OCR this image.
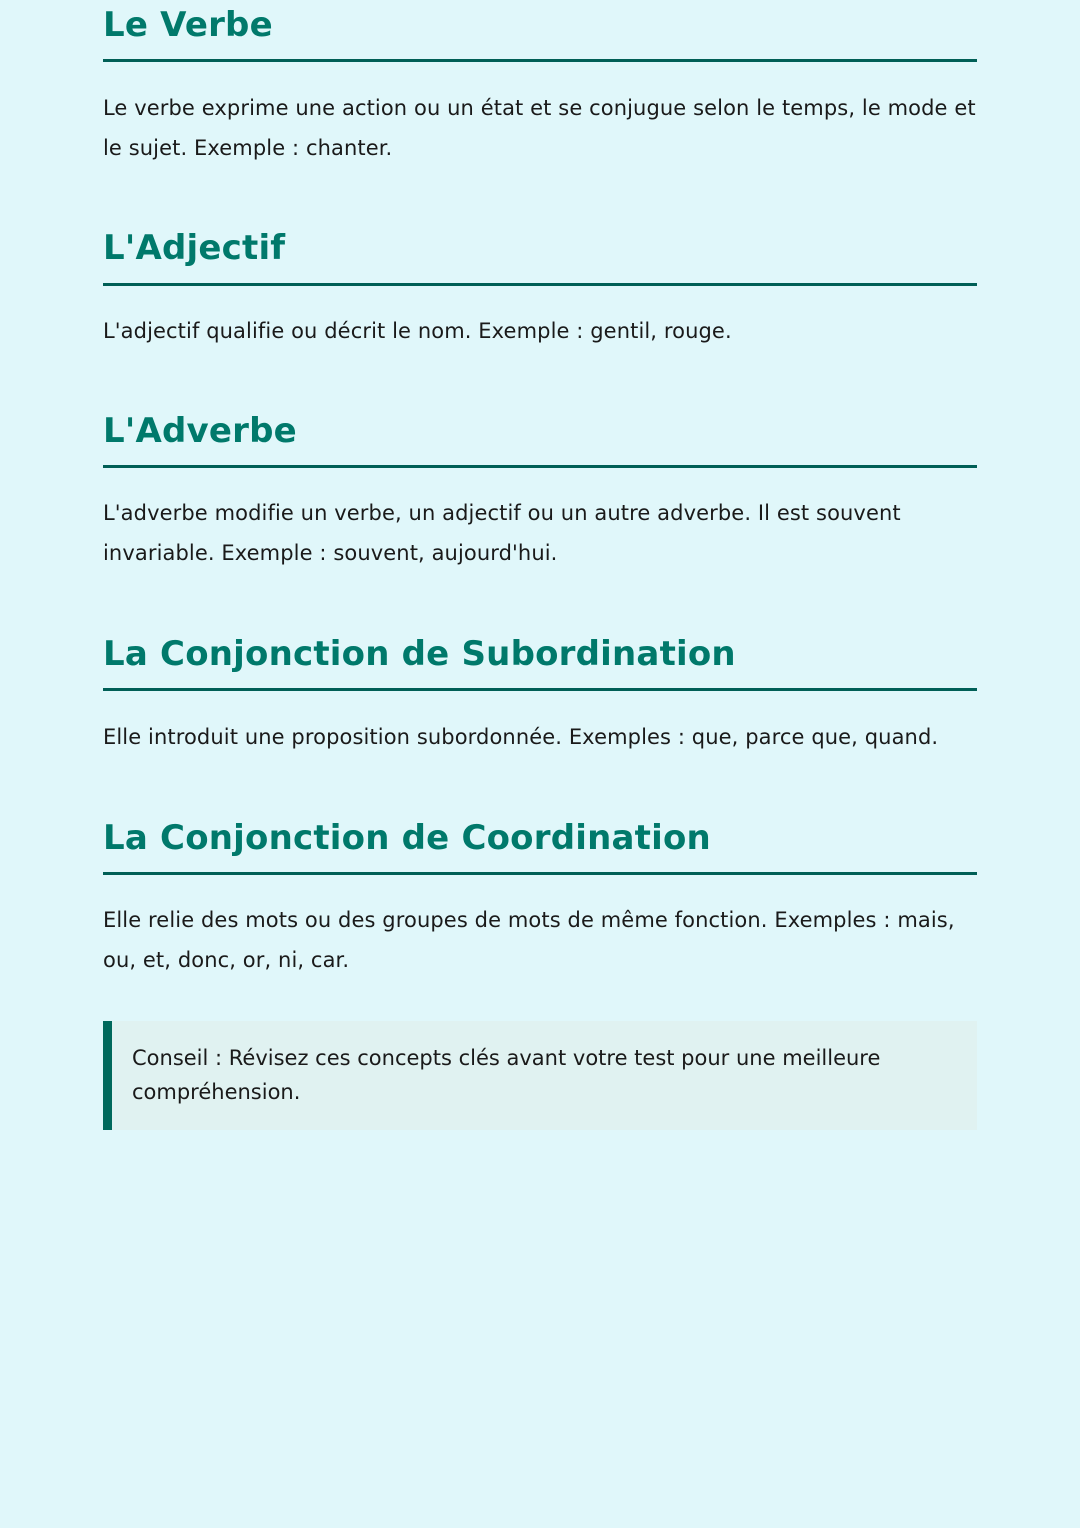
Le Verbe

Le verbe exprime une action ou un état et se conjugue selon le temps, le mode et le sujet. Exemple : chanter.

L'Adjectif

L'adjectif qualifie ou décrit le nom. Exemple : gentil, rouge.

L'Adverbe

L'adverbe modifie un verbe, un adjectif ou un autre adverbe. Il est souvent invariable. Exemple : souvent, aujourd'hui.

La Conjonction de Subordination

Elle introduit une proposition subordonnée. Exemples : que, parce que, quand.

La Conjonction de Coordination

Elle relie des mots ou des groupes de mots de même fonction. Exemples : mais, ou, et, donc, or, ni, car.

Conseil : Révisez ces concepts clés avant votre test pour une meilleure compréhension.
